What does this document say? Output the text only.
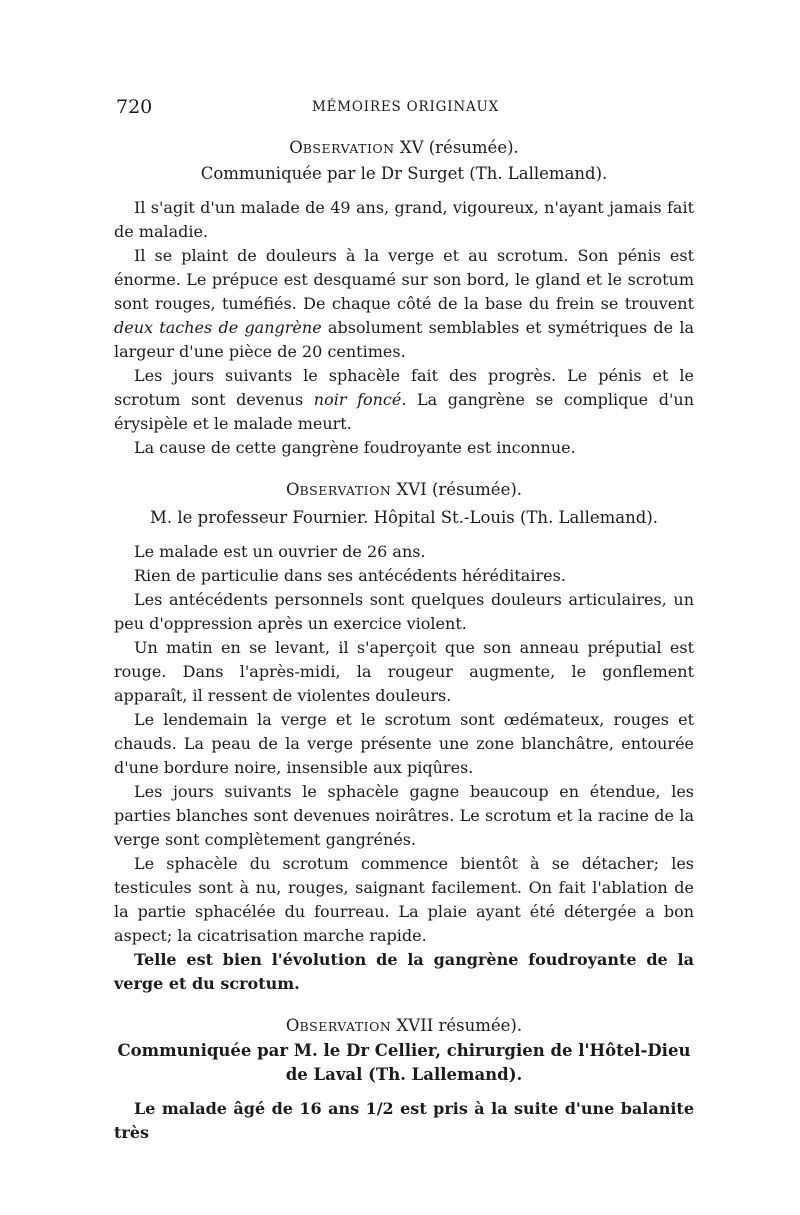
720	MÉMOIRES ORIGINAUX
OBSERVATION XV (résumée).
Communiquée par le Dr Surget (Th. Lallemand).

Il s'agit d'un malade de 49 ans, grand, vigoureux, n'ayant jamais fait de maladie.

Il se plaint de douleurs à la verge et au scrotum. Son pénis est énorme. Le prépuce est desquamé sur son bord, le gland et le scrotum sont rouges, tuméfiés. De chaque côté de la base du frein se trouvent deux taches de gangrène absolument semblables et symétriques de la largeur d'une pièce de 20 centimes.

Les jours suivants le sphacèle fait des progrès. Le pénis et le scrotum sont devenus noir foncé. La gangrène se complique d'un érysipèle et le malade meurt.

La cause de cette gangrène foudroyante est inconnue.

OBSERVATION XVI (résumée).
M. le professeur Fournier. Hôpital St.-Louis (Th. Lallemand).

Le malade est un ouvrier de 26 ans.

Rien de particulie dans ses antécédents héréditaires.

Les antécédents personnels sont quelques douleurs articulaires, un peu d'oppression après un exercice violent.

Un matin en se levant, il s'aperçoit que son anneau préputial est rouge. Dans l'après-midi, la rougeur augmente, le gonflement apparaît, il ressent de violentes douleurs.

Le lendemain la verge et le scrotum sont œdémateux, rouges et chauds. La peau de la verge présente une zone blanchâtre, entourée d'une bordure noire, insensible aux piqûres.

Les jours suivants le sphacèle gagne beaucoup en étendue, les parties blanches sont devenues noirâtres. Le scrotum et la racine de la verge sont complètement gangrénés.

Le sphacèle du scrotum commence bientôt à se détacher; les testicules sont à nu, rouges, saignant facilement. On fait l'ablation de la partie sphacélée du fourreau. La plaie ayant été détergée a bon aspect; la cicatrisation marche rapide.

Telle est bien l'évolution de la gangrène foudroyante de la verge et du scrotum.

OBSERVATION XVII résumée).
Communiquée par M. le Dr Cellier, chirurgien de l'Hôtel-Dieu
de Laval (Th. Lallemand).

Le malade âgé de 16 ans 1/2 est pris à la suite d'une balanite très
